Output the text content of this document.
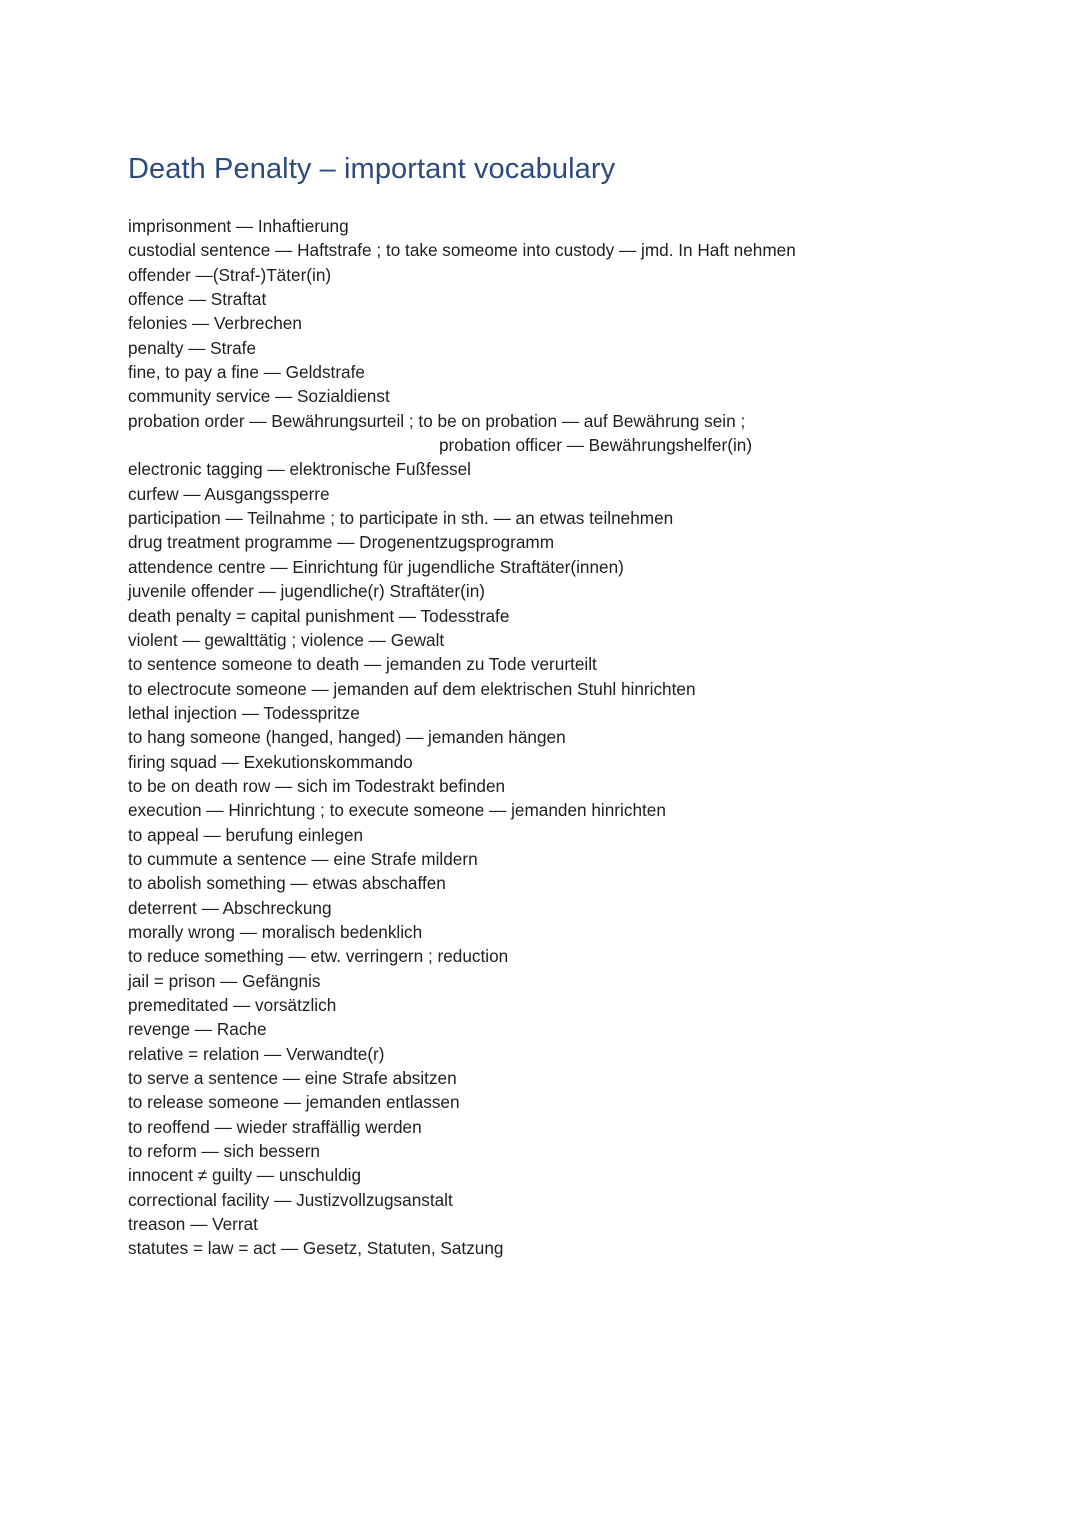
Death Penalty – important vocabulary
imprisonment — Inhaftierung
custodial sentence — Haftstrafe ; to take someome into custody — jmd. In Haft nehmen
offender —(Straf-)Täter(in)
offence — Straftat
felonies — Verbrechen
penalty — Strafe
fine, to pay a fine — Geldstrafe
community service — Sozialdienst
probation order — Bewährungsurteil ; to be on probation — auf Bewährung sein ;
probation officer — Bewährungshelfer(in)
electronic tagging — elektronische Fußfessel
curfew — Ausgangssperre
participation — Teilnahme ; to participate in sth. — an etwas teilnehmen
drug treatment programme — Drogenentzugsprogramm
attendence centre — Einrichtung für jugendliche Straftäter(innen)
juvenile offender — jugendliche(r) Straftäter(in)
death penalty = capital punishment — Todesstrafe
violent — gewalttätig ; violence — Gewalt
to sentence someone to death — jemanden zu Tode verurteilt
to electrocute someone — jemanden auf dem elektrischen Stuhl hinrichten
lethal injection — Todesspritze
to hang someone (hanged, hanged) — jemanden hängen
firing squad — Exekutionskommando
to be on death row — sich im Todestrakt befinden
execution — Hinrichtung ; to execute someone — jemanden hinrichten
to appeal — berufung einlegen
to cummute a sentence — eine Strafe mildern
to abolish something — etwas abschaffen
deterrent — Abschreckung
morally wrong — moralisch bedenklich
to reduce something — etw. verringern ; reduction
jail = prison — Gefängnis
premeditated — vorsätzlich
revenge — Rache
relative = relation — Verwandte(r)
to serve a sentence — eine Strafe absitzen
to release someone — jemanden entlassen
to reoffend — wieder straffällig werden
to reform — sich bessern
innocent ≠ guilty — unschuldig
correctional facility — Justizvollzugsanstalt
treason — Verrat
statutes = law = act — Gesetz, Statuten, Satzung
